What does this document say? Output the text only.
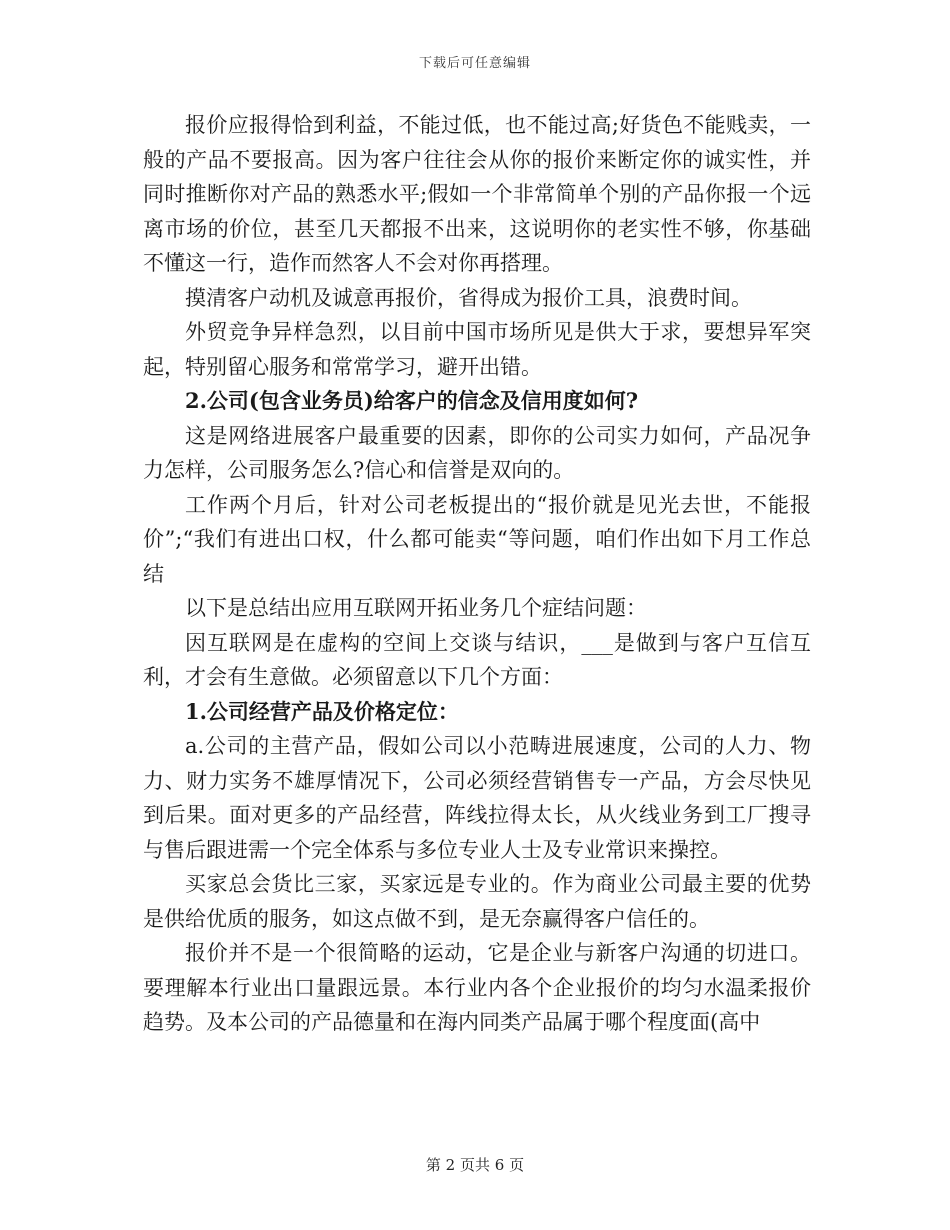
下载后可任意编辑

报价应报得恰到利益，不能过低，也不能过高;好货色不能贱卖，一般的产品不要报高。因为客户往往会从你的报价来断定你的诚实性，并同时推断你对产品的熟悉水平;假如一个非常简单个别的产品你报一个远离市场的价位，甚至几天都报不出来，这说明你的老实性不够，你基础不懂这一行，造作而然客人不会对你再搭理。

摸清客户动机及诚意再报价，省得成为报价工具，浪费时间。

外贸竞争异样急烈，以目前中国市场所见是供大于求，要想异军突起，特别留心服务和常常学习，避开出错。

2.公司(包含业务员)给客户的信念及信用度如何?

这是网络进展客户最重要的因素，即你的公司实力如何，产品况争力怎样，公司服务怎么?信心和信誉是双向的。

工作两个月后，针对公司老板提出的“报价就是见光去世，不能报价”;“我们有进出口权，什么都可能卖“等问题，咱们作出如下月工作总结

以下是总结出应用互联网开拓业务几个症结问题：

因互联网是在虚构的空间上交谈与结识，___是做到与客户互信互利，才会有生意做。必须留意以下几个方面：

1.公司经营产品及价格定位：

a.公司的主营产品，假如公司以小范畴进展速度，公司的人力、物力、财力实务不雄厚情况下，公司必须经营销售专一产品，方会尽快见到后果。面对更多的产品经营，阵线拉得太长，从火线业务到工厂搜寻与售后跟进需一个完全体系与多位专业人士及专业常识来操控。

买家总会货比三家，买家远是专业的。作为商业公司最主要的优势是供给优质的服务，如这点做不到，是无奈赢得客户信任的。

报价并不是一个很简略的运动，它是企业与新客户沟通的切进口。要理解本行业出口量跟远景。本行业内各个企业报价的均匀水温柔报价趋势。及本公司的产品德量和在海内同类产品属于哪个程度面(高中

第 2 页共 6 页
